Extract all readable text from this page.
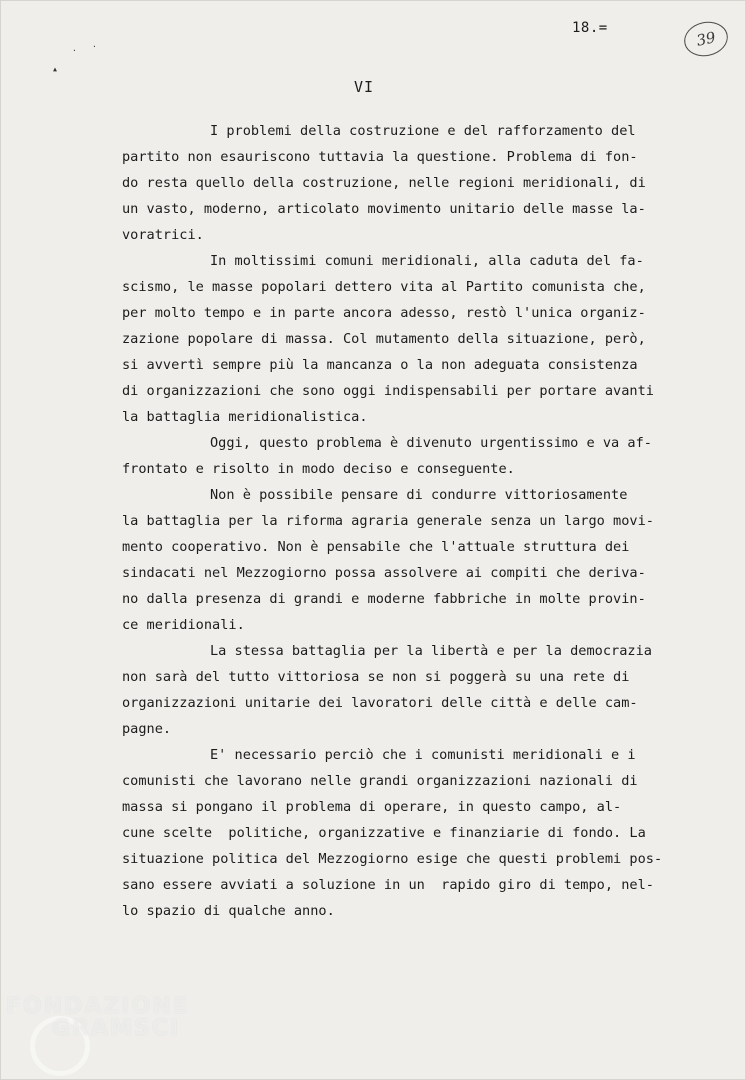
▴
· ·
18.=
39
VI
I problemi della costruzione e del rafforzamento del
partito non esauriscono tuttavia la questione. Problema di fon-
do resta quello della costruzione, nelle regioni meridionali, di
un vasto, moderno, articolato movimento unitario delle masse la-
voratrici.
In moltissimi comuni meridionali, alla caduta del fa-
scismo, le masse popolari dettero vita al Partito comunista che,
per molto tempo e in parte ancora adesso, restò l'unica organiz-
zazione popolare di massa. Col mutamento della situazione, però,
si avvertì sempre più la mancanza o la non adeguata consistenza
di organizzazioni che sono oggi indispensabili per portare avanti
la battaglia meridionalistica.
Oggi, questo problema è divenuto urgentissimo e va af-
frontato e risolto in modo deciso e conseguente.
Non è possibile pensare di condurre vittoriosamente
la battaglia per la riforma agraria generale senza un largo movi-
mento cooperativo. Non è pensabile che l'attuale struttura dei
sindacati nel Mezzogiorno possa assolvere ai compiti che deriva-
no dalla presenza di grandi e moderne fabbriche in molte provin-
ce meridionali.
La stessa battaglia per la libertà e per la democrazia
non sarà del tutto vittoriosa se non si poggerà su una rete di
organizzazioni unitarie dei lavoratori delle città e delle cam-
pagne.
E' necessario perciò che i comunisti meridionali e i
comunisti che lavorano nelle grandi organizzazioni nazionali di
massa si pongano il problema di operare, in questo campo, al-
cune scelte  politiche, organizzative e finanziarie di fondo. La
situazione politica del Mezzogiorno esige che questi problemi pos-
sano essere avviati a soluzione in un  rapido giro di tempo, nel-
lo spazio di qualche anno.
FONDAZIONE
GRAMSCI
